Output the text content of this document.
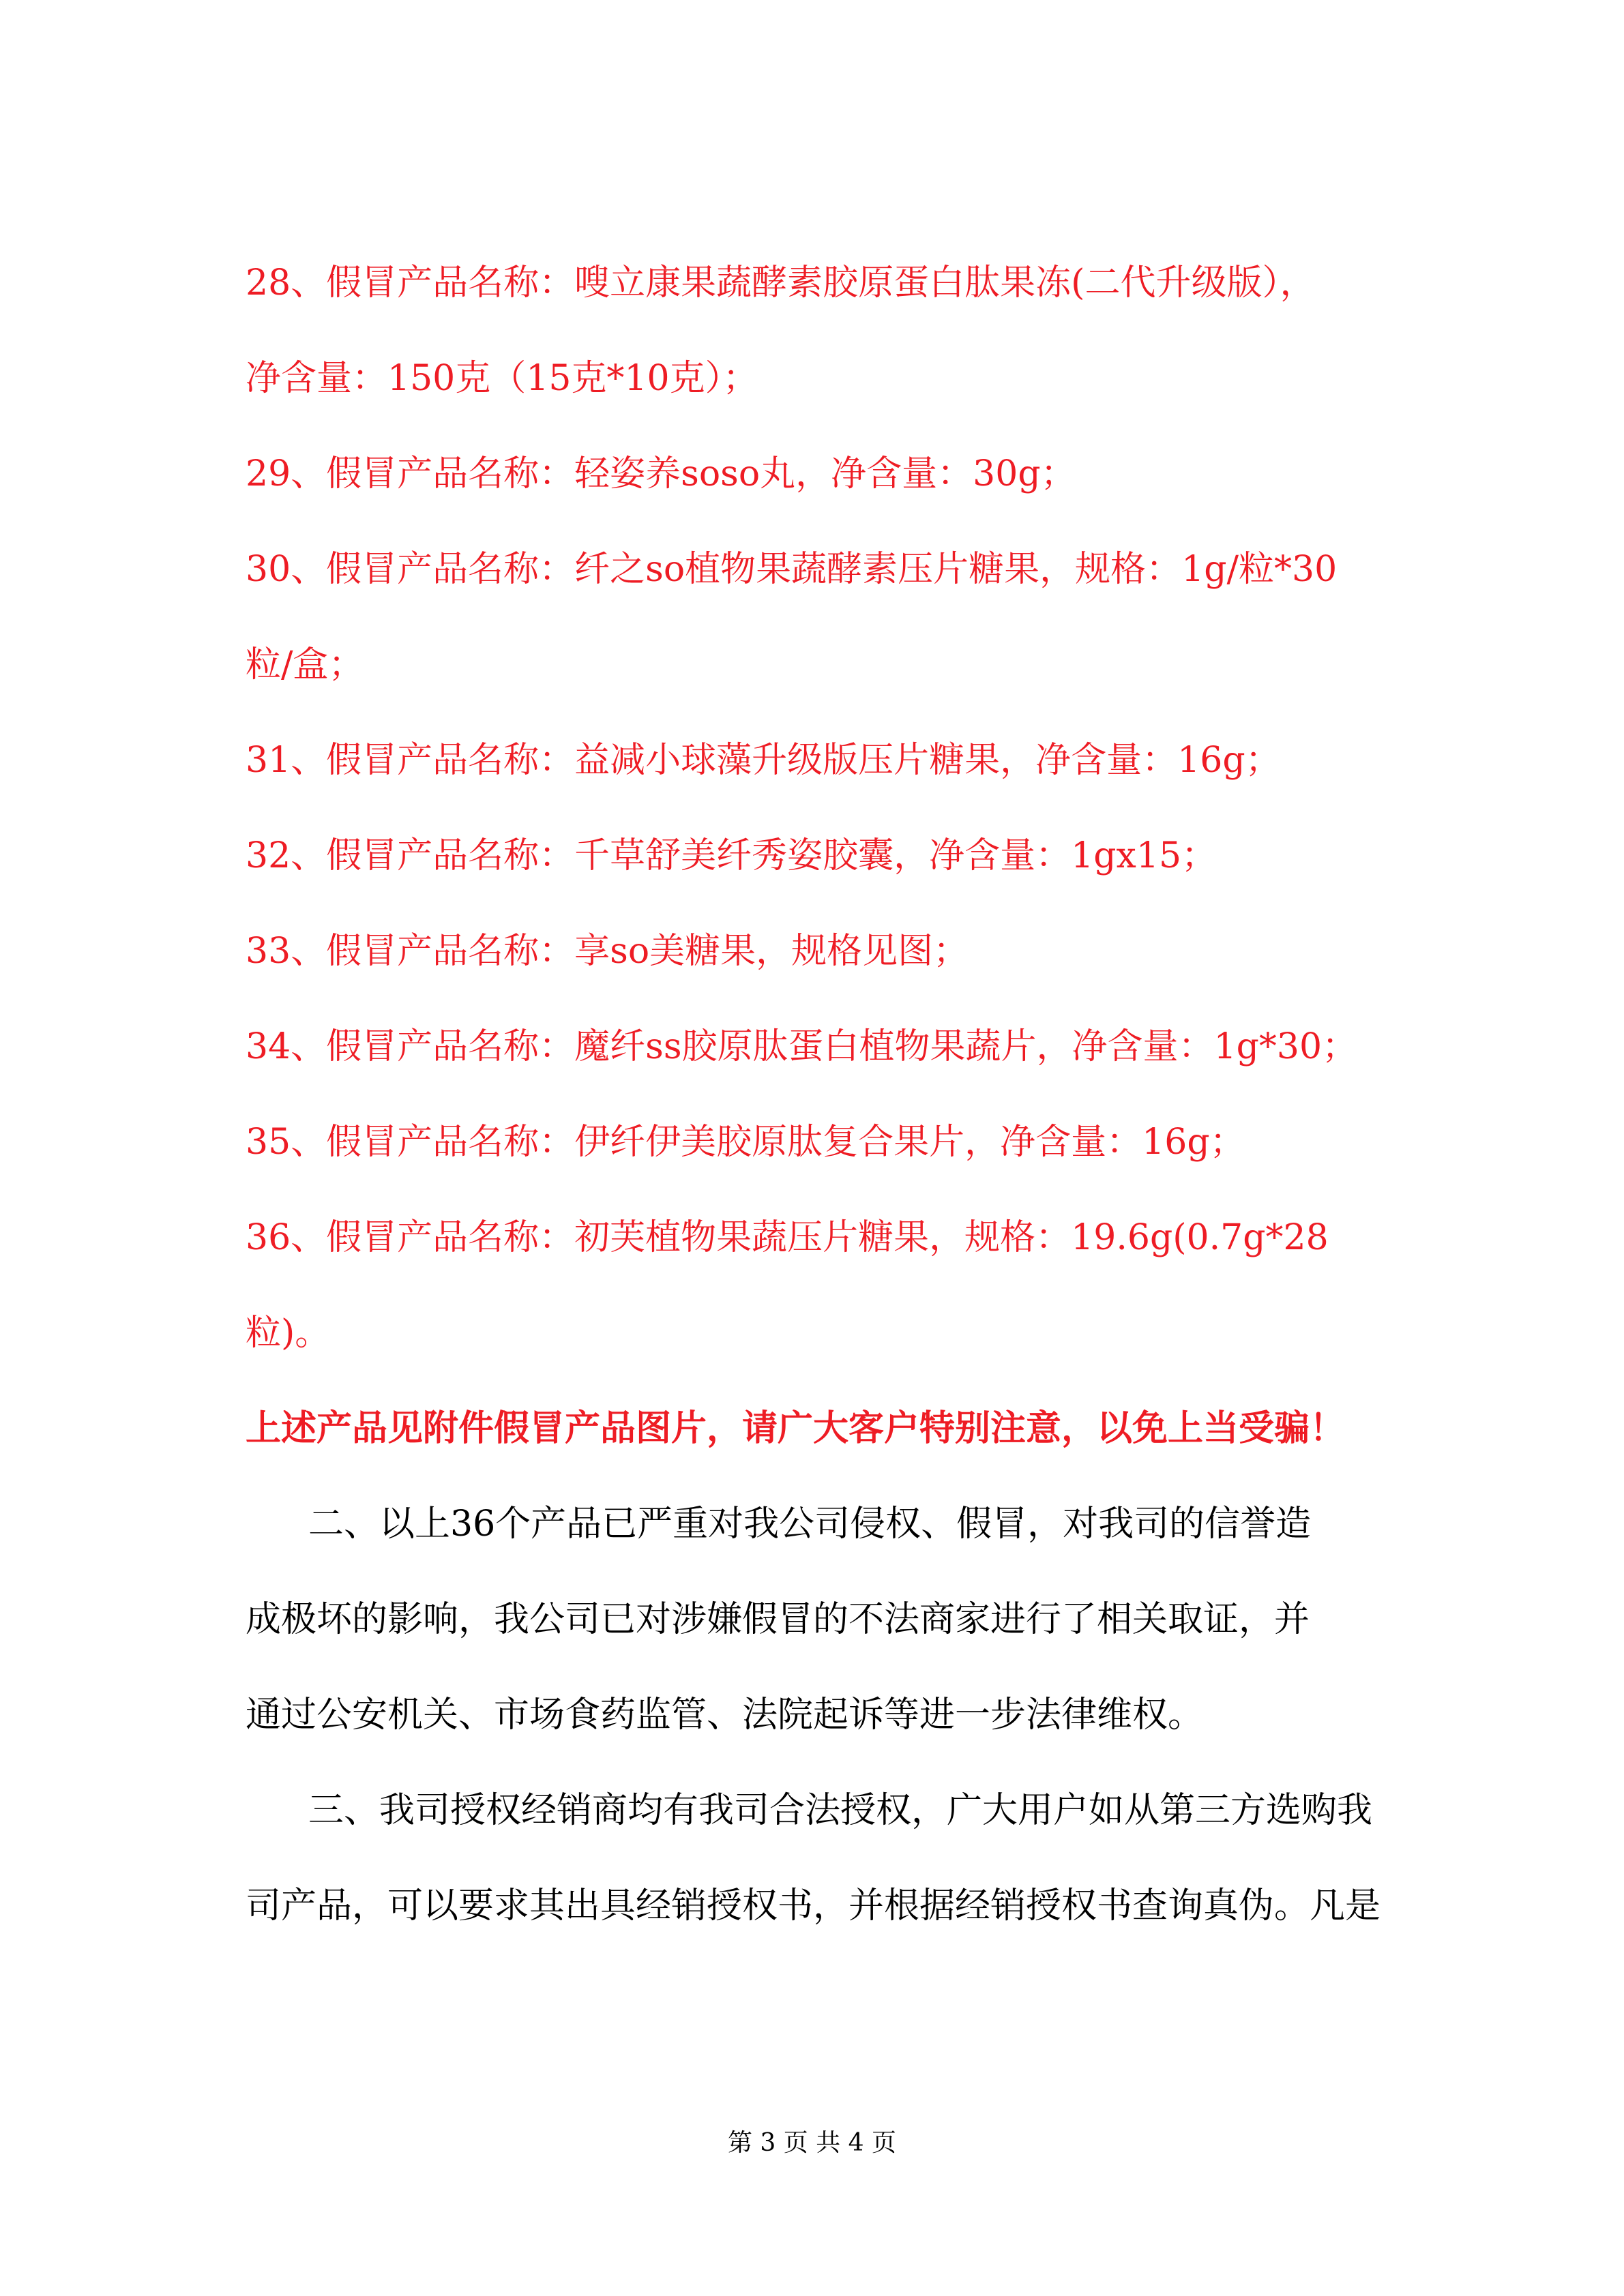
28、假冒产品名称：嗖立康果蔬酵素胶原蛋白肽果冻(二代升级版），
净含量：150克（15克*10克）；
29、假冒产品名称：轻姿养soso丸，净含量：30g；
30、假冒产品名称：纤之so植物果蔬酵素压片糖果，规格：1g/粒*30
粒/盒；
31、假冒产品名称：益减小球藻升级版压片糖果，净含量：16g；
32、假冒产品名称：千草舒美纤秀姿胶囊，净含量：1gx15；
33、假冒产品名称：享so美糖果，规格见图；
34、假冒产品名称：魔纤ss胶原肽蛋白植物果蔬片，净含量：1g*30；
35、假冒产品名称：伊纤伊美胶原肽复合果片，净含量：16g；
36、假冒产品名称：初芙植物果蔬压片糖果，规格：19.6g(0.7g*28
粒)。
上述产品见附件假冒产品图片，请广大客户特别注意，以免上当受骗！
二、以上36个产品已严重对我公司侵权、假冒，对我司的信誉造
成极坏的影响，我公司已对涉嫌假冒的不法商家进行了相关取证，并
通过公安机关、市场食药监管、法院起诉等进一步法律维权。
三、我司授权经销商均有我司合法授权，广大用户如从第三方选购我
司产品，可以要求其出具经销授权书，并根据经销授权书查询真伪。凡是
第 3 页 共 4 页
